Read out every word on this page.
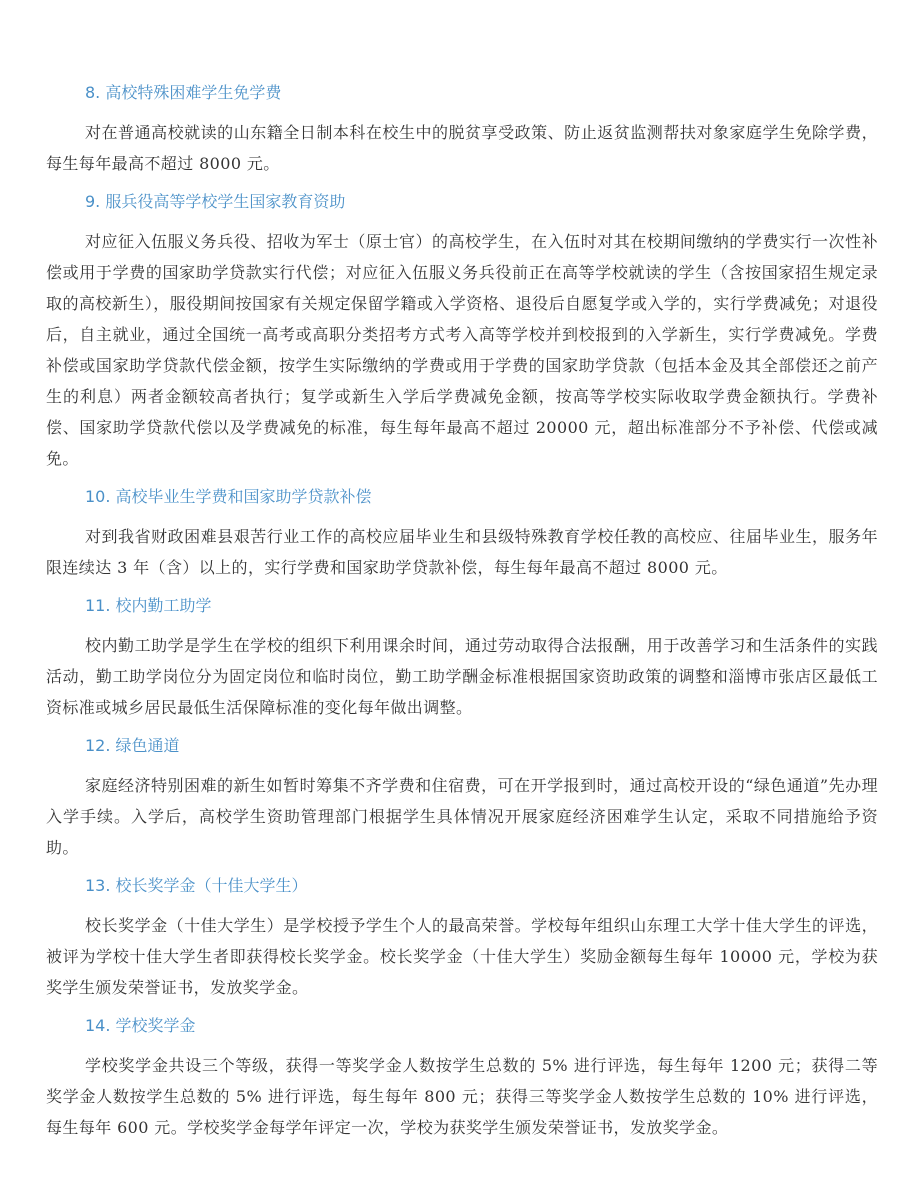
8. 高校特殊困难学生免学费

对在普通高校就读的山东籍全日制本科在校生中的脱贫享受政策、防止返贫监测帮扶对象家庭学生免除学费，每生每年最高不超过 8000 元。

9. 服兵役高等学校学生国家教育资助

对应征入伍服义务兵役、招收为军士（原士官）的高校学生，在入伍时对其在校期间缴纳的学费实行一次性补偿或用于学费的国家助学贷款实行代偿；对应征入伍服义务兵役前正在高等学校就读的学生（含按国家招生规定录取的高校新生），服役期间按国家有关规定保留学籍或入学资格、退役后自愿复学或入学的，实行学费减免；对退役后，自主就业，通过全国统一高考或高职分类招考方式考入高等学校并到校报到的入学新生，实行学费减免。学费补偿或国家助学贷款代偿金额，按学生实际缴纳的学费或用于学费的国家助学贷款（包括本金及其全部偿还之前产生的利息）两者金额较高者执行；复学或新生入学后学费减免金额，按高等学校实际收取学费金额执行。学费补偿、国家助学贷款代偿以及学费减免的标准，每生每年最高不超过 20000 元，超出标准部分不予补偿、代偿或减免。

10. 高校毕业生学费和国家助学贷款补偿

对到我省财政困难县艰苦行业工作的高校应届毕业生和县级特殊教育学校任教的高校应、往届毕业生，服务年限连续达 3 年（含）以上的，实行学费和国家助学贷款补偿，每生每年最高不超过 8000 元。

11. 校内勤工助学

校内勤工助学是学生在学校的组织下利用课余时间，通过劳动取得合法报酬，用于改善学习和生活条件的实践活动，勤工助学岗位分为固定岗位和临时岗位，勤工助学酬金标准根据国家资助政策的调整和淄博市张店区最低工资标准或城乡居民最低生活保障标准的变化每年做出调整。

12. 绿色通道

家庭经济特别困难的新生如暂时筹集不齐学费和住宿费，可在开学报到时，通过高校开设的“绿色通道”先办理入学手续。入学后，高校学生资助管理部门根据学生具体情况开展家庭经济困难学生认定，采取不同措施给予资助。

13. 校长奖学金（十佳大学生）

校长奖学金（十佳大学生）是学校授予学生个人的最高荣誉。学校每年组织山东理工大学十佳大学生的评选，被评为学校十佳大学生者即获得校长奖学金。校长奖学金（十佳大学生）奖励金额每生每年 10000 元，学校为获奖学生颁发荣誉证书，发放奖学金。

14. 学校奖学金

学校奖学金共设三个等级，获得一等奖学金人数按学生总数的 5% 进行评选，每生每年 1200 元；获得二等奖学金人数按学生总数的 5% 进行评选，每生每年 800 元；获得三等奖学金人数按学生总数的 10% 进行评选，每生每年 600 元。学校奖学金每学年评定一次，学校为获奖学生颁发荣誉证书，发放奖学金。
